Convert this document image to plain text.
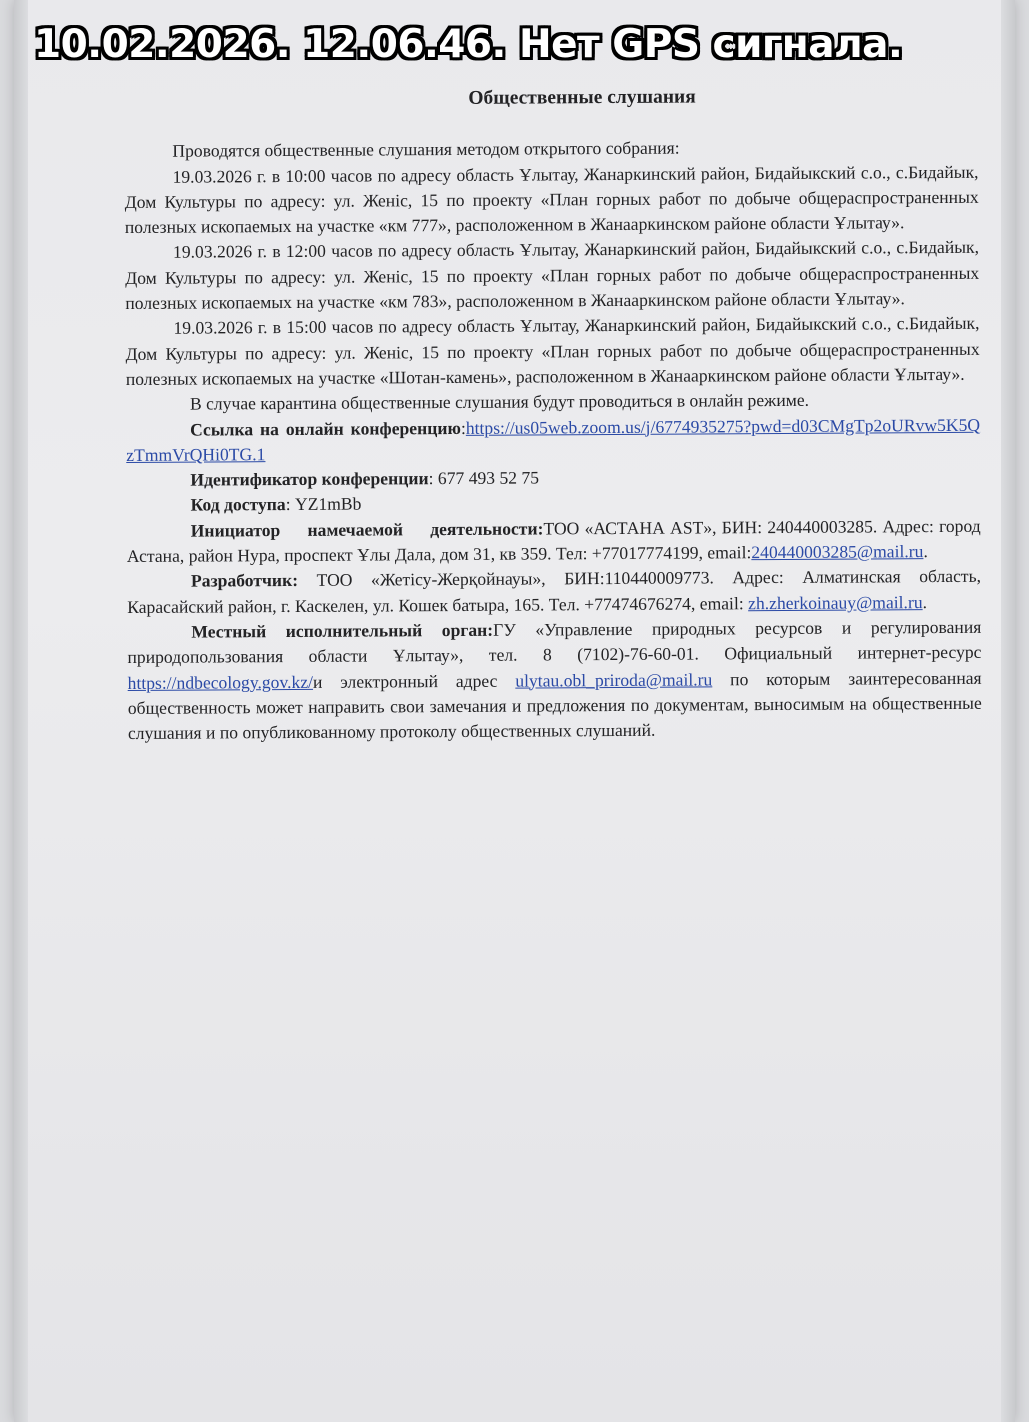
10.02.2026. 12.06.46. Нет GPS сигнала.
Общественные слушания

Проводятся общественные слушания методом открытого собрания:

19.03.2026 г. в 10:00 часов по адресу область Ұлытау, Жанаркинский район, Бидайыкский с.о., с.Бидайык, Дом Культуры по адресу: ул. Женіс, 15 по проекту «План горных работ по добыче общераспространенных полезных ископаемых на участке «км 777», расположенном в Жанааркинском районе области Ұлытау».

19.03.2026 г. в 12:00 часов по адресу область Ұлытау, Жанаркинский район, Бидайыкский с.о., с.Бидайык, Дом Культуры по адресу: ул. Женіс, 15 по проекту «План горных работ по добыче общераспространенных полезных ископаемых на участке «км 783», расположенном в Жанааркинском районе области Ұлытау».

19.03.2026 г. в 15:00 часов по адресу область Ұлытау, Жанаркинский район, Бидайыкский с.о., с.Бидайык, Дом Культуры по адресу: ул. Женіс, 15 по проекту «План горных работ по добыче общераспространенных полезных ископаемых на участке «Шотан-камень», расположенном в Жанааркинском районе области Ұлытау».

В случае карантина общественные слушания будут проводиться в онлайн режиме.

Ссылка на онлайн конференцию:https://us05web.zoom.us/j/6774935275?pwd=d03CMgTp2oURvw5K5QzTmmVrQHi0TG.1

Идентификатор конференции: 677 493 52 75

Код доступа: YZ1mBb

Инициатор намечаемой деятельности:ТОО «АСТАНА AST», БИН: 240440003285. Адрес: город Астана, район Нура, проспект Ұлы Дала, дом 31, кв 359. Тел: +77017774199, email:240440003285@mail.ru.

Разработчик: ТОО «Жетісу-Жерқойнауы», БИН:110440009773. Адрес: Алматинская область, Карасайский район, г. Каскелен, ул. Кошек батыра, 165. Тел. +77474676274, email: zh.zherkoinauy@mail.ru.

Местный исполнительный орган:ГУ «Управление природных ресурсов и регулирования природопользования области Ұлытау», тел. 8 (7102)-76-60-01. Официальный интернет-ресурс https://ndbecology.gov.kz/и электронный адрес ulytau.obl_priroda@mail.ru по которым заинтересованная общественность может направить свои замечания и предложения по документам, выносимым на общественные слушания и по опубликованному протоколу общественных слушаний.
